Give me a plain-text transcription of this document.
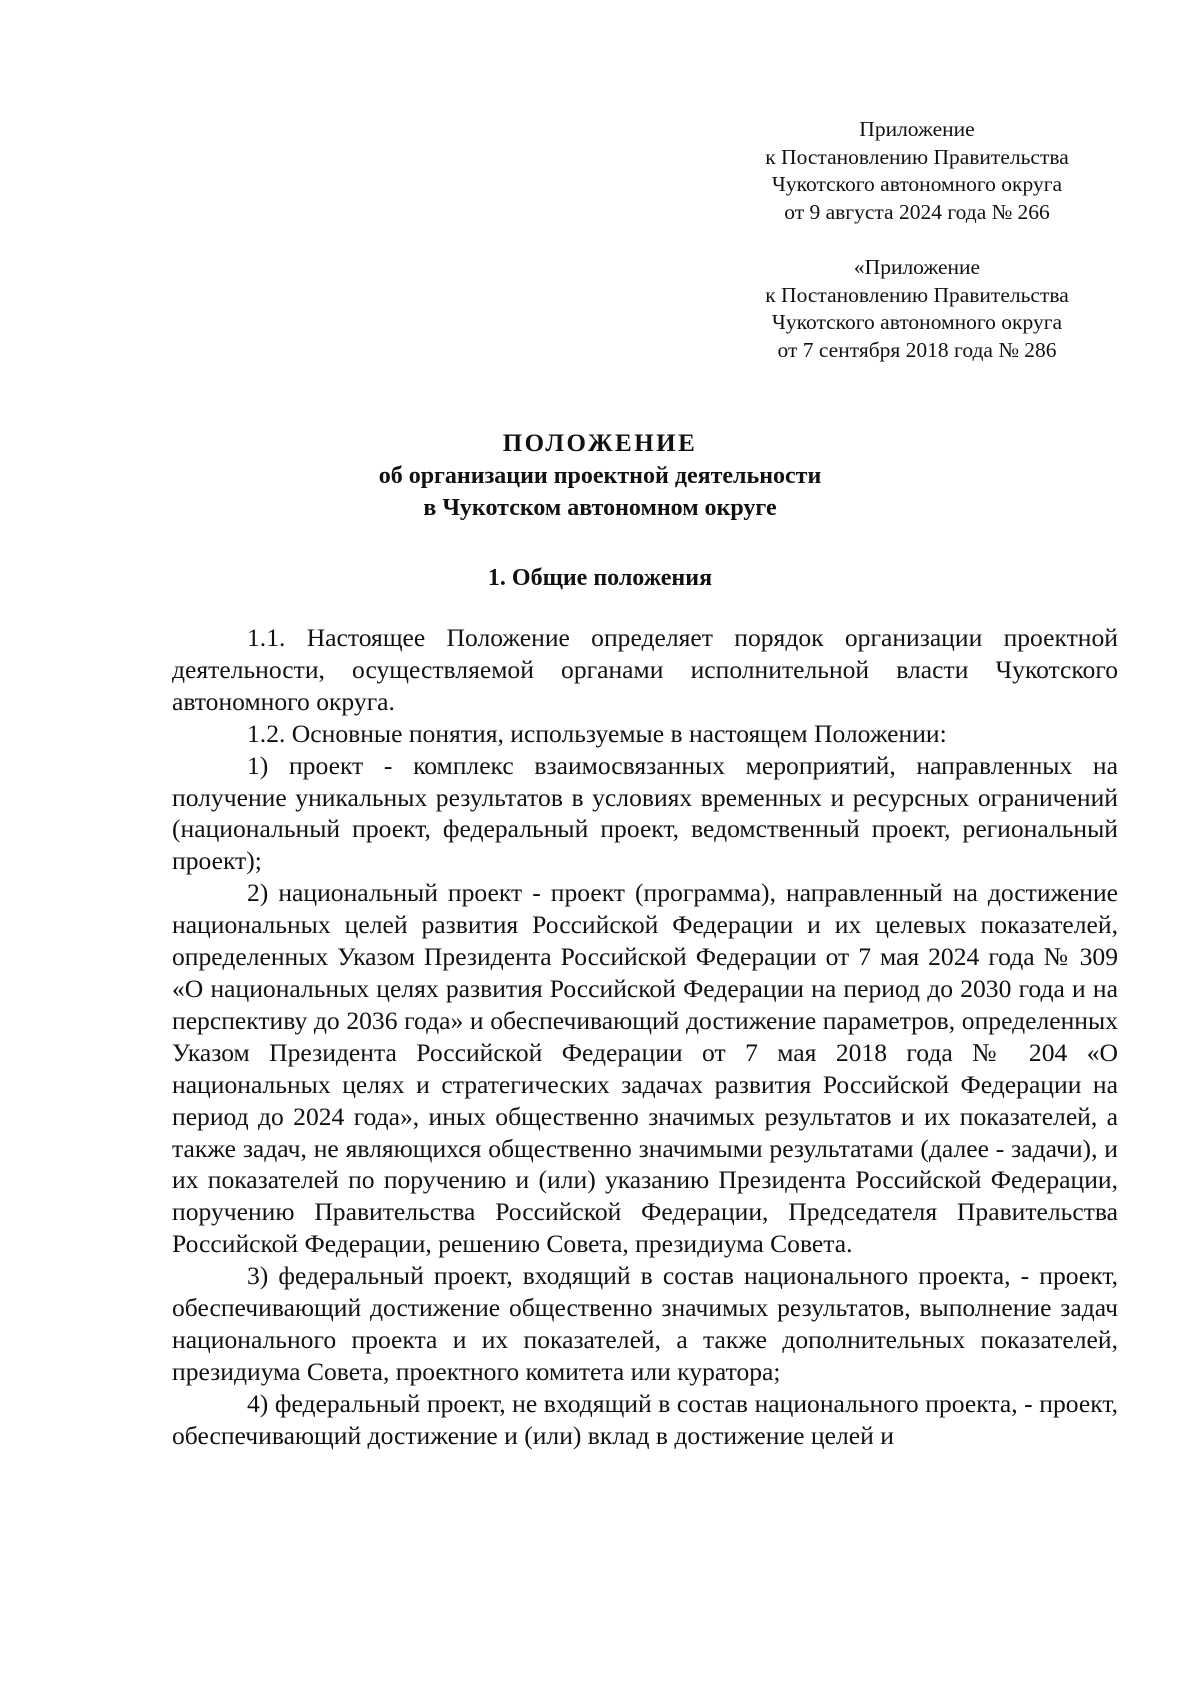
Приложение
к Постановлению Правительства
Чукотского автономного округа
от 9 августа 2024 года № 266
«Приложение
к Постановлению Правительства
Чукотского автономного округа
от 7 сентября 2018 года № 286
ПОЛОЖЕНИЕ
об организации проектной деятельности
в Чукотском автономном округе
1. Общие положения

1.1. Настоящее Положение определяет порядок организации проектной деятельности, осуществляемой органами исполнительной власти Чукотского автономного округа.

1.2. Основные понятия, используемые в настоящем Положении:

1) проект - комплекс взаимосвязанных мероприятий, направленных на получение уникальных результатов в условиях временных и ресурсных ограничений (национальный проект, федеральный проект, ведомственный проект, региональный проект);

2) национальный проект - проект (программа), направленный на достижение национальных целей развития Российской Федерации и их целевых показателей, определенных Указом Президента Российской Федерации от 7 мая 2024 года № 309 «О национальных целях развития Российской Федерации на период до 2030 года и на перспективу до 2036 года» и обеспечивающий достижение параметров, определенных Указом Президента Российской Федерации от 7 мая 2018 года № 204 «О национальных целях и стратегических задачах развития Российской Федерации на период до 2024 года», иных общественно значимых результатов и их показателей, а также задач, не являющихся общественно значимыми результатами (далее - задачи), и их показателей по поручению и (или) указанию Президента Российской Федерации, поручению Правительства Российской Федерации, Председателя Правительства Российской Федерации, решению Совета, президиума Совета.

3) федеральный проект, входящий в состав национального проекта, - проект, обеспечивающий достижение общественно значимых результатов, выполнение задач национального проекта и их показателей, а также дополнительных показателей, президиума Совета, проектного комитета или куратора;

4) федеральный проект, не входящий в состав национального проекта, - проект, обеспечивающий достижение и (или) вклад в достижение целей и
